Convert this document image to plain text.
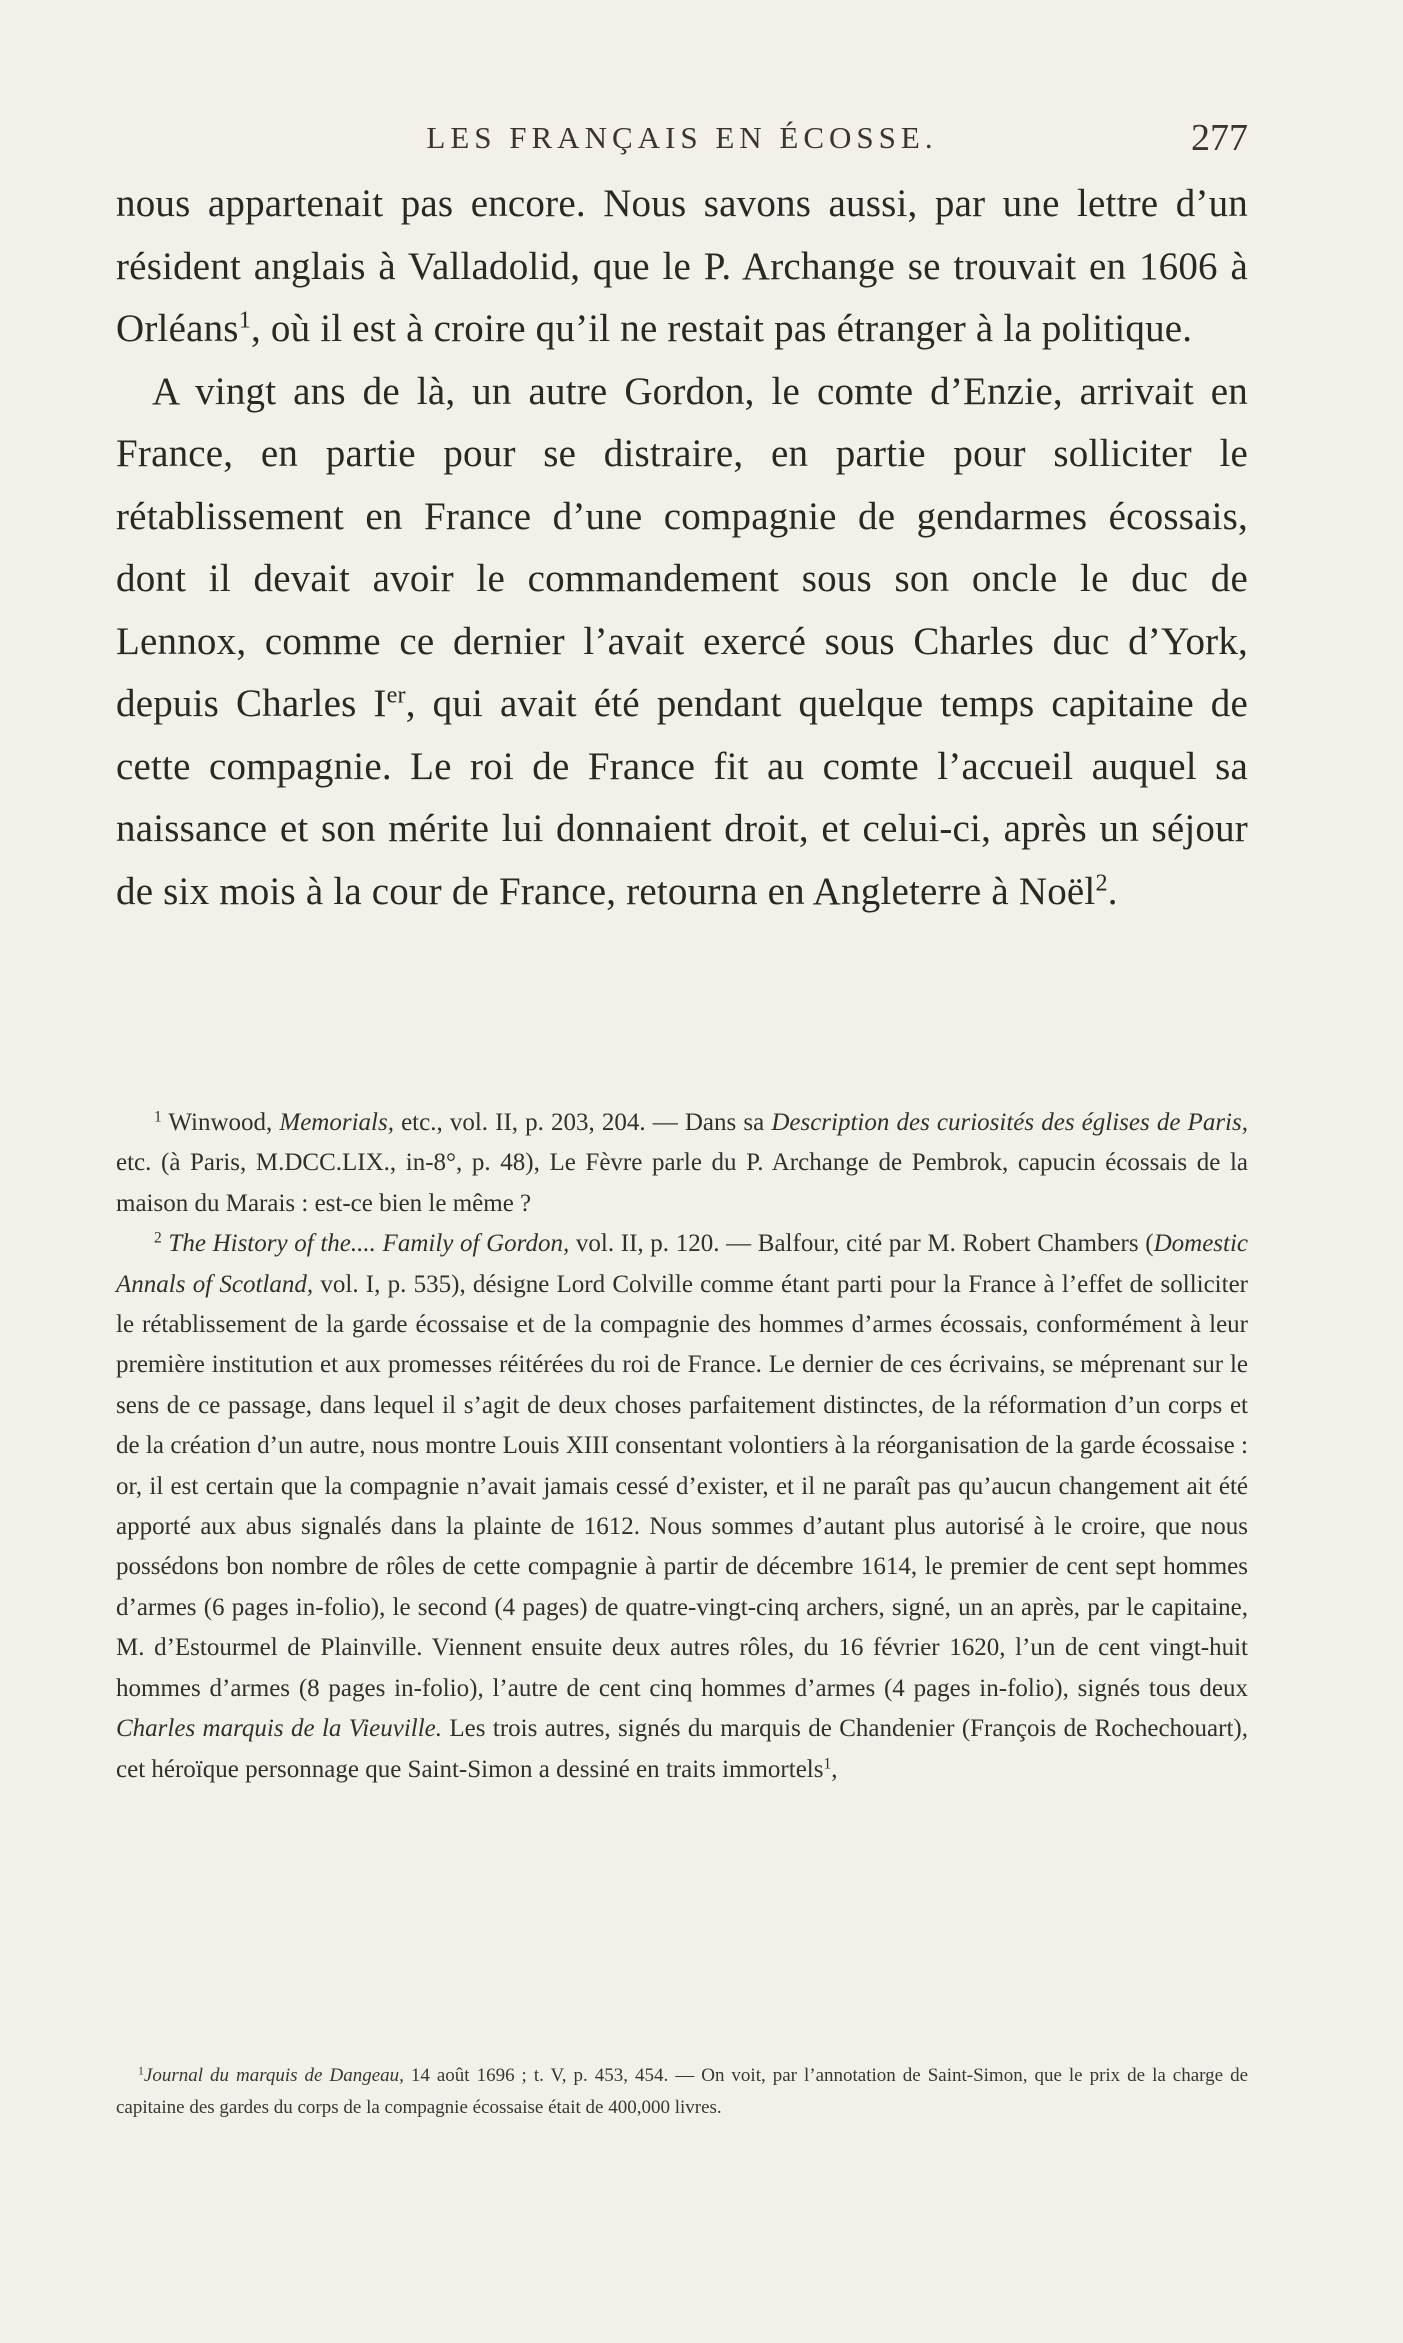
LES FRANÇAIS EN ÉCOSSE.	277

nous appartenait pas encore. Nous savons aussi, par une lettre d’un résident anglais à Valladolid, que le P. Archange se trouvait en 1606 à Orléans$^1$, où il est à croire qu’il ne restait pas étranger à la politique.

A vingt ans de là, un autre Gordon, le comte d’Enzie, arrivait en France, en partie pour se distraire, en partie pour solliciter le rétablissement en France d’une compagnie de gendarmes écossais, dont il devait avoir le commandement sous son oncle le duc de Lennox, comme ce dernier l’avait exercé sous Charles duc d’York, depuis Charles Ier, qui avait été pendant quelque temps capitaine de cette compagnie. Le roi de France fit au comte l’accueil auquel sa naissance et son mérite lui donnaient droit, et celui-ci, après un séjour de six mois à la cour de France, retourna en Angleterre à Noël$^2$.

$^1$ Winwood, Memorials, etc., vol. II, p. 203, 204. — Dans sa Description des curiosités des églises de Paris, etc. (à Paris, M.DCC.LIX., in-8°, p. 48), Le Fèvre parle du P. Archange de Pembrok, capucin écossais de la maison du Marais : est-ce bien le même ?

$^2$ The History of the.... Family of Gordon, vol. II, p. 120. — Balfour, cité par M. Robert Chambers (Domestic Annals of Scotland, vol. I, p. 535), désigne Lord Colville comme étant parti pour la France à l’effet de solliciter le rétablissement de la garde écossaise et de la compagnie des hommes d’armes écossais, conformément à leur première institution et aux promesses réitérées du roi de France. Le dernier de ces écrivains, se méprenant sur le sens de ce passage, dans lequel il s’agit de deux choses parfaitement distinctes, de la réformation d’un corps et de la création d’un autre, nous montre Louis XIII consentant volontiers à la réorganisation de la garde écossaise : or, il est certain que la compagnie n’avait jamais cessé d’exister, et il ne paraît pas qu’aucun changement ait été apporté aux abus signalés dans la plainte de 1612. Nous sommes d’autant plus autorisé à le croire, que nous possédons bon nombre de rôles de cette compagnie à partir de décembre 1614, le premier de cent sept hommes d’armes (6 pages in-folio), le second (4 pages) de quatre-vingt-cinq archers, signé, un an après, par le capitaine, M. d’Estourmel de Plainville. Viennent ensuite deux autres rôles, du 16 février 1620, l’un de cent vingt-huit hommes d’armes (8 pages in-folio), l’autre de cent cinq hommes d’armes (4 pages in-folio), signés tous deux Charles marquis de la Vieuville. Les trois autres, signés du marquis de Chandenier (François de Rochechouart), cet héroïque personnage que Saint-Simon a dessiné en traits immortels$^1$,

$^1$Journal du marquis de Dangeau, 14 août 1696 ; t. V, p. 453, 454. — On voit, par l’annotation de Saint-Simon, que le prix de la charge de capitaine des gardes du corps de la compagnie écossaise était de 400,000 livres.
